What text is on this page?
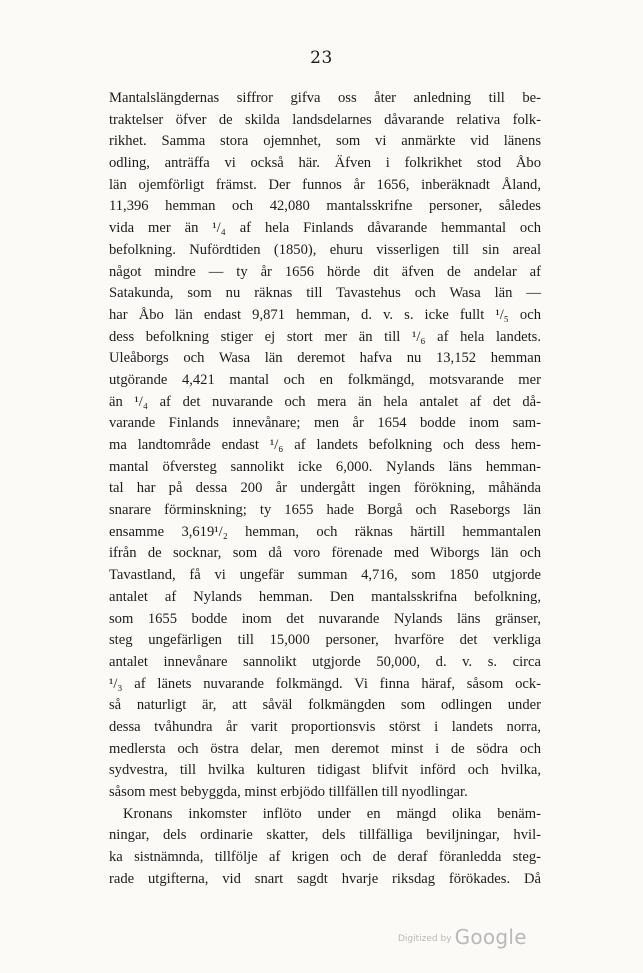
23
Mantalslängdernas siffror gifva oss åter anledning till be-
traktelser öfver de skilda landsdelarnes dåvarande relativa folk-
rikhet. Samma stora ojemnhet, som vi anmärkte vid länens
odling, anträffa vi också här. Äfven i folkrikhet stod Åbo
län ojemförligt främst. Der funnos år 1656, inberäknadt Åland,
11,396 hemman och 42,080 mantalsskrifne personer, således
vida mer än ¹/₄ af hela Finlands dåvarande hemmantal och
befolkning. Nufördtiden (1850), ehuru visserligen till sin areal
något mindre — ty år 1656 hörde dit äfven de andelar af
Satakunda, som nu räknas till Tavastehus och Wasa län —
har Åbo län endast 9,871 hemman, d. v. s. icke fullt ¹/₅ och
dess befolkning stiger ej stort mer än till ¹/₆ af hela landets.
Uleåborgs och Wasa län deremot hafva nu 13,152 hemman
utgörande 4,421 mantal och en folkmängd, motsvarande mer
än ¹/₄ af det nuvarande och mera än hela antalet af det då-
varande Finlands innevånare; men år 1654 bodde inom sam-
ma landtområde endast ¹/₆ af landets befolkning och dess hem-
mantal öfversteg sannolikt icke 6,000. Nylands läns hemman-
tal har på dessa 200 år undergått ingen förökning, måhända
snarare förminskning; ty 1655 hade Borgå och Raseborgs län
ensamme 3,619¹/₂ hemman, och räknas härtill hemmantalen
ifrån de socknar, som då voro förenade med Wiborgs län och
Tavastland, få vi ungefär summan 4,716, som 1850 utgjorde
antalet af Nylands hemman. Den mantalsskrifna befolkning,
som 1655 bodde inom det nuvarande Nylands läns gränser,
steg ungefärligen till 15,000 personer, hvarföre det verkliga
antalet innevånare sannolikt utgjorde 50,000, d. v. s. circa
¹/₃ af länets nuvarande folkmängd. Vi finna häraf, såsom ock-
så naturligt är, att såväl folkmängden som odlingen under
dessa tvåhundra år varit proportionsvis störst i landets norra,
medlersta och östra delar, men deremot minst i de södra och
sydvestra, till hvilka kulturen tidigast blifvit införd och hvilka,
såsom mest bebyggda, minst erbjödo tillfällen till nyodlingar.
Kronans inkomster inflöto under en mängd olika benäm-
ningar, dels ordinarie skatter, dels tillfälliga beviljningar, hvil-
ka sistnämnda, tillfölje af krigen och de deraf föranledda steg-
rade utgifterna, vid snart sagdt hvarje riksdag förökades. Då
Digitized by Google
